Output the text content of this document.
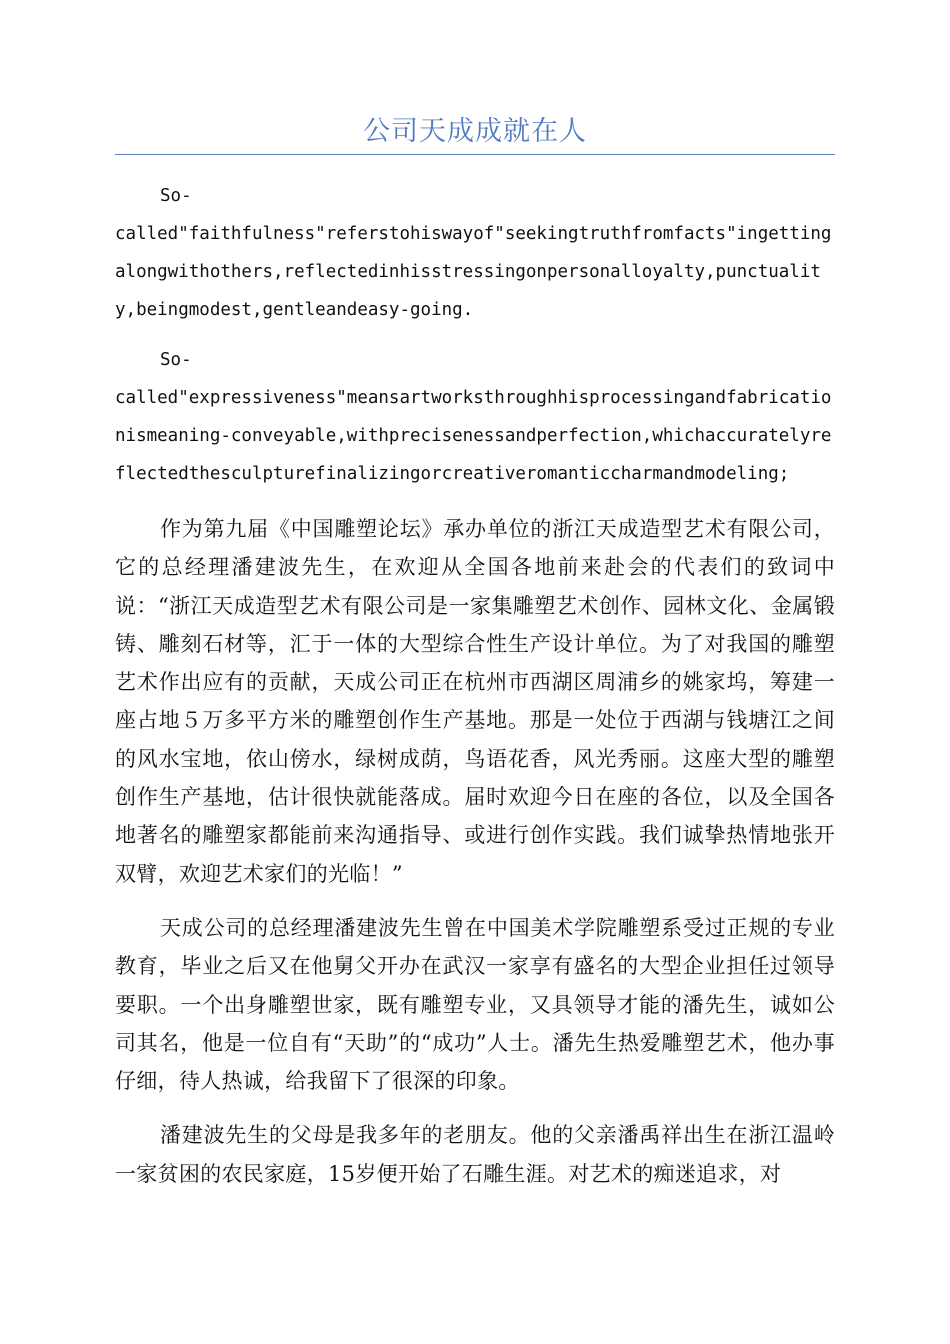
公司天成成就在人

So-
called"faithfulness"referstohiswayof"seekingtruthfromfacts"ingettingalongwithothers,reflectedinhisstressingonpersonalloyalty,punctuality,beingmodest,gentleandeasy-going.

So-
called"expressiveness"meansartworksthroughhisprocessingandfabricationismeaning-conveyable,withprecisenessandperfection,whichaccuratelyreflectedthesculpturefinalizingorcreativeromanticcharmandmodeling;

作为第九届《中国雕塑论坛》承办单位的浙江天成造型艺术有限公司，它的总经理潘建波先生，在欢迎从全国各地前来赴会的代表们的致词中说：“浙江天成造型艺术有限公司是一家集雕塑艺术创作、园林文化、金属锻铸、雕刻石材等，汇于一体的大型综合性生产设计单位。为了对我国的雕塑艺术作出应有的贡献，天成公司正在杭州市西湖区周浦乡的姚家坞，筹建一座占地５万多平方米的雕塑创作生产基地。那是一处位于西湖与钱塘江之间的风水宝地，依山傍水，绿树成荫，鸟语花香，风光秀丽。这座大型的雕塑创作生产基地，估计很快就能落成。届时欢迎今日在座的各位，以及全国各地著名的雕塑家都能前来沟通指导、或进行创作实践。我们诚挚热情地张开双臂，欢迎艺术家们的光临！”

天成公司的总经理潘建波先生曾在中国美术学院雕塑系受过正规的专业教育，毕业之后又在他舅父开办在武汉一家享有盛名的大型企业担任过领导要职。一个出身雕塑世家，既有雕塑专业，又具领导才能的潘先生，诚如公司其名，他是一位自有“天助”的“成功”人士。潘先生热爱雕塑艺术，他办事仔细，待人热诚，给我留下了很深的印象。

潘建波先生的父母是我多年的老朋友。他的父亲潘禹祥出生在浙江温岭一家贫困的农民家庭，15岁便开始了石雕生涯。对艺术的痴迷追求，对
